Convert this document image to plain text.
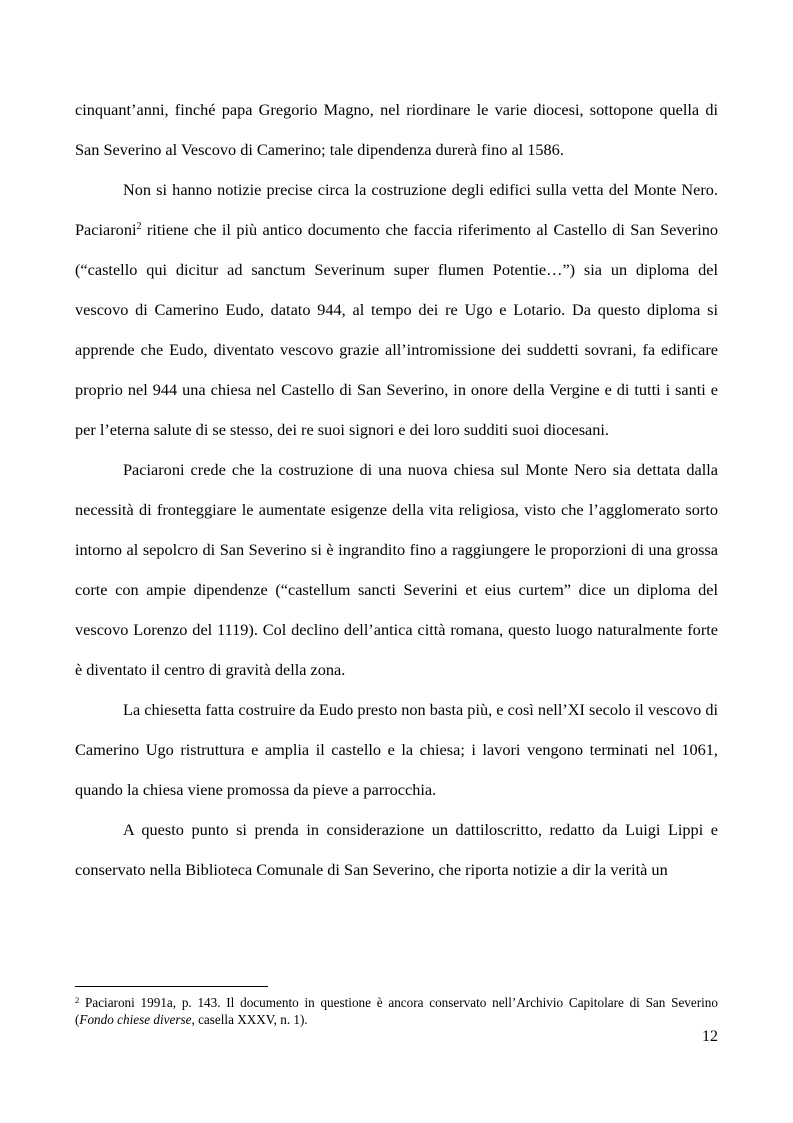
cinquant’anni, finché papa Gregorio Magno, nel riordinare le varie diocesi, sottopone quella di San Severino al Vescovo di Camerino; tale dipendenza durerà fino al 1586.

Non si hanno notizie precise circa la costruzione degli edifici sulla vetta del Monte Nero. Paciaroni$^2$ ritiene che il più antico documento che faccia riferimento al Castello di San Severino (“castello qui dicitur ad sanctum Severinum super flumen Potentie…”) sia un diploma del vescovo di Camerino Eudo, datato 944, al tempo dei re Ugo e Lotario. Da questo diploma si apprende che Eudo, diventato vescovo grazie all’intromissione dei suddetti sovrani, fa edificare proprio nel 944 una chiesa nel Castello di San Severino, in onore della Vergine e di tutti i santi e per l’eterna salute di se stesso, dei re suoi signori e dei loro sudditi suoi diocesani.

Paciaroni crede che la costruzione di una nuova chiesa sul Monte Nero sia dettata dalla necessità di fronteggiare le aumentate esigenze della vita religiosa, visto che l’agglomerato sorto intorno al sepolcro di San Severino si è ingrandito fino a raggiungere le proporzioni di una grossa corte con ampie dipendenze (“castellum sancti Severini et eius curtem” dice un diploma del vescovo Lorenzo del 1119). Col declino dell’antica città romana, questo luogo naturalmente forte è diventato il centro di gravità della zona.

La chiesetta fatta costruire da Eudo presto non basta più, e così nell’XI secolo il vescovo di Camerino Ugo ristruttura e amplia il castello e la chiesa; i lavori vengono terminati nel 1061, quando la chiesa viene promossa da pieve a parrocchia.

A questo punto si prenda in considerazione un dattiloscritto, redatto da Luigi Lippi e conservato nella Biblioteca Comunale di San Severino, che riporta notizie a dir la verità un

$^2$ Paciaroni 1991a, p. 143. Il documento in questione è ancora conservato nell’Archivio Capitolare di San Severino (Fondo chiese diverse, casella XXXV, n. 1).

12
